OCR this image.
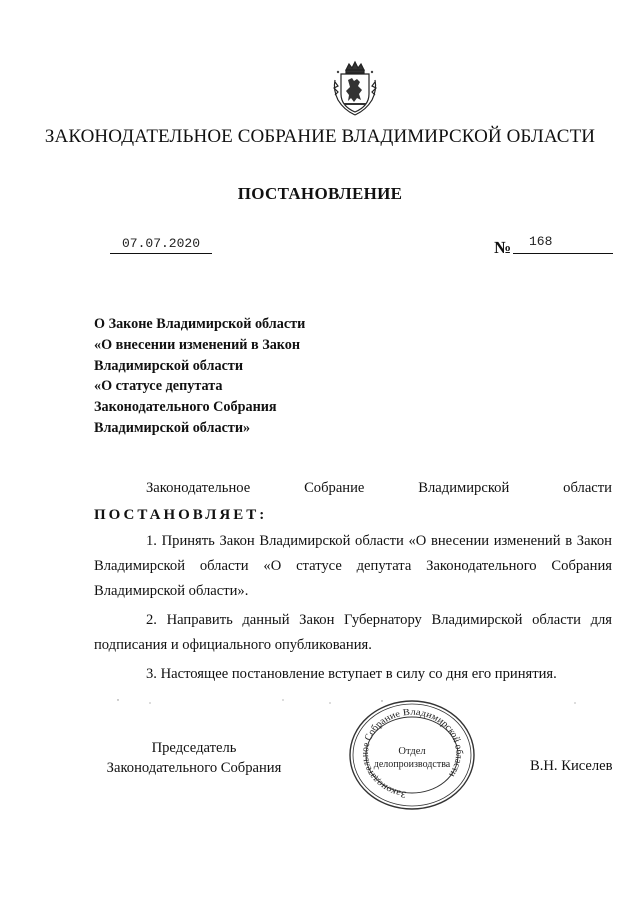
ЗАКОНОДАТЕЛЬНОЕ СОБРАНИЕ ВЛАДИМИРСКОЙ ОБЛАСТИ
ПОСТАНОВЛЕНИЕ
07.07.2020	№ 168
О Законе Владимирской области
«О внесении изменений в Закон
Владимирской области
«О статусе депутата
Законодательного Собрания
Владимирской области»
Законодательное	Собрание	Владимирской	области
ПОСТАНОВЛЯЕТ:
1. Принять Закон Владимирской области «О внесении изменений в Закон Владимирской области «О статусе депутата Законодательного Собрания Владимирской области».
2. Направить данный Закон Губернатору Владимирской области для подписания и официального опубликования.
3. Настоящее постановление вступает в силу со дня его принятия.
Председатель
Законодательного Собрания
Законодательное Собрание Владимирской области
Отдел
делопроизводства	В.Н. Киселев
